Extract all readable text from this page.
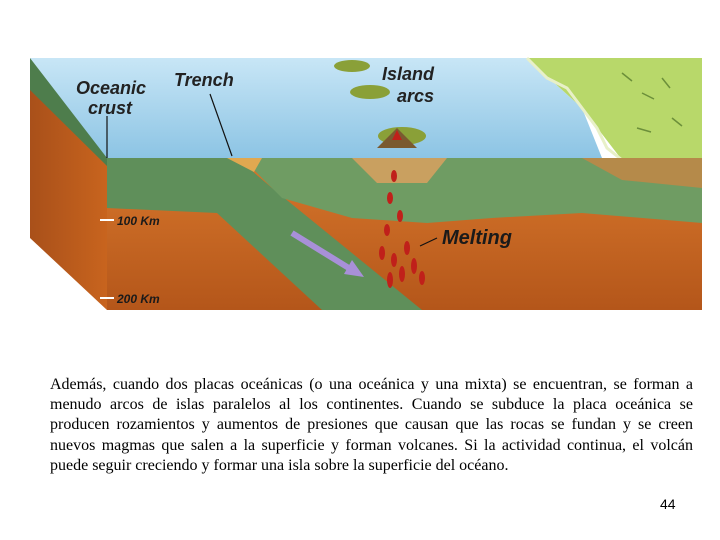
100 Km
200 Km
Oceanic
crust
Trench	Island
arcs
Melting

Además, cuando dos placas oceánicas (o una oceánica y una mixta) se encuentran, se forman a menudo arcos de islas paralelos al los continentes. Cuando se subduce la placa oceánica se producen rozamientos y aumentos de presiones que causan que las rocas se fundan y se creen nuevos magmas que salen a la superficie y forman volcanes. Si la actividad continua, el volcán puede seguir creciendo y formar una isla sobre la superficie del océano.

44
